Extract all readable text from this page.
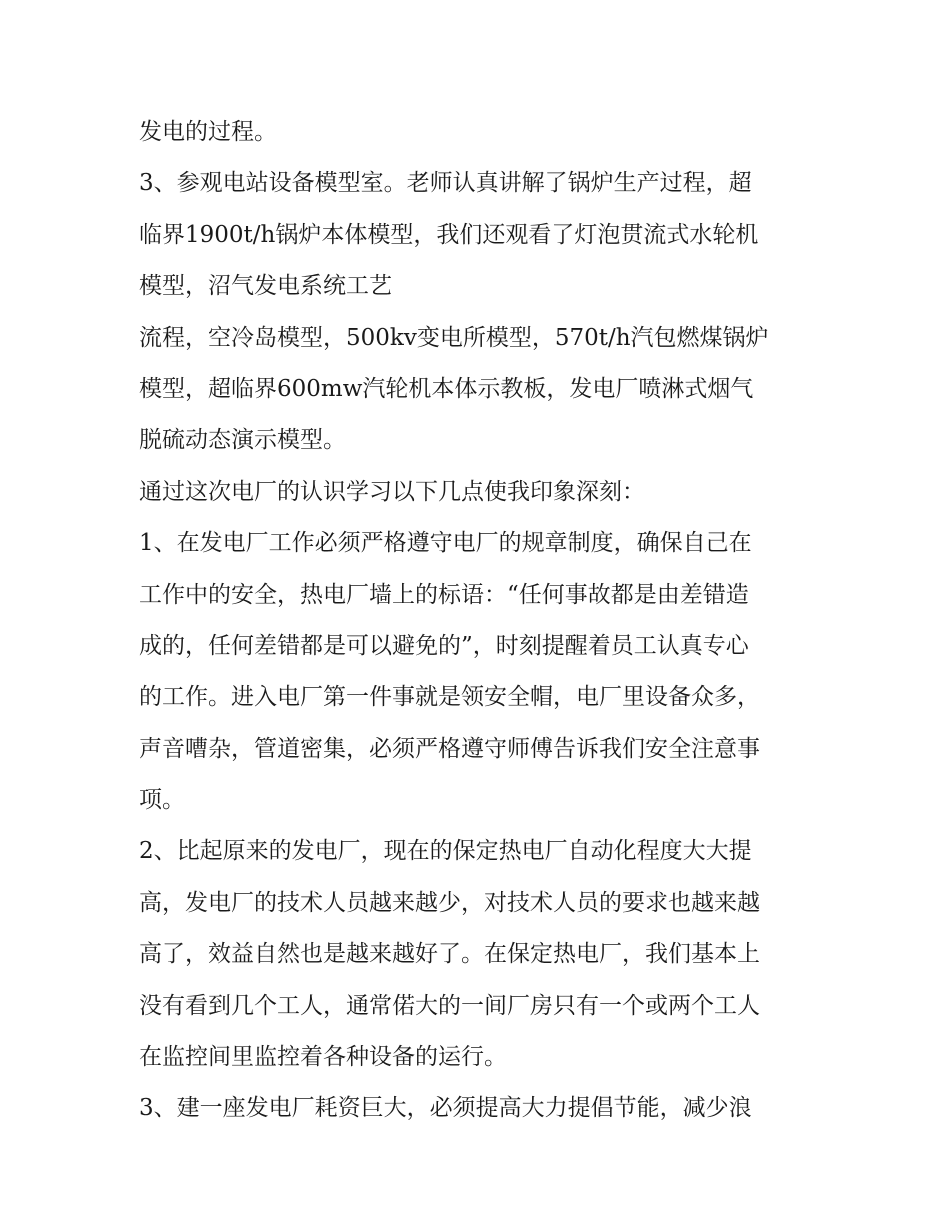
发电的过程。
3、参观电站设备模型室。老师认真讲解了锅炉生产过程，超
临界1900t/h锅炉本体模型，我们还观看了灯泡贯流式水轮机
模型，沼气发电系统工艺
流程，空冷岛模型，500kv变电所模型，570t/h汽包燃煤锅炉
模型，超临界600mw汽轮机本体示教板，发电厂喷淋式烟气
脱硫动态演示模型。
通过这次电厂的认识学习以下几点使我印象深刻：
1、在发电厂工作必须严格遵守电厂的规章制度，确保自己在
工作中的安全，热电厂墙上的标语：“任何事故都是由差错造
成的，任何差错都是可以避免的”，时刻提醒着员工认真专心
的工作。进入电厂第一件事就是领安全帽，电厂里设备众多，
声音嘈杂，管道密集，必须严格遵守师傅告诉我们安全注意事
项。
2、比起原来的发电厂，现在的保定热电厂自动化程度大大提
高，发电厂的技术人员越来越少，对技术人员的要求也越来越
高了，效益自然也是越来越好了。在保定热电厂，我们基本上
没有看到几个工人，通常偌大的一间厂房只有一个或两个工人
在监控间里监控着各种设备的运行。
3、建一座发电厂耗资巨大，必须提高大力提倡节能，减少浪
